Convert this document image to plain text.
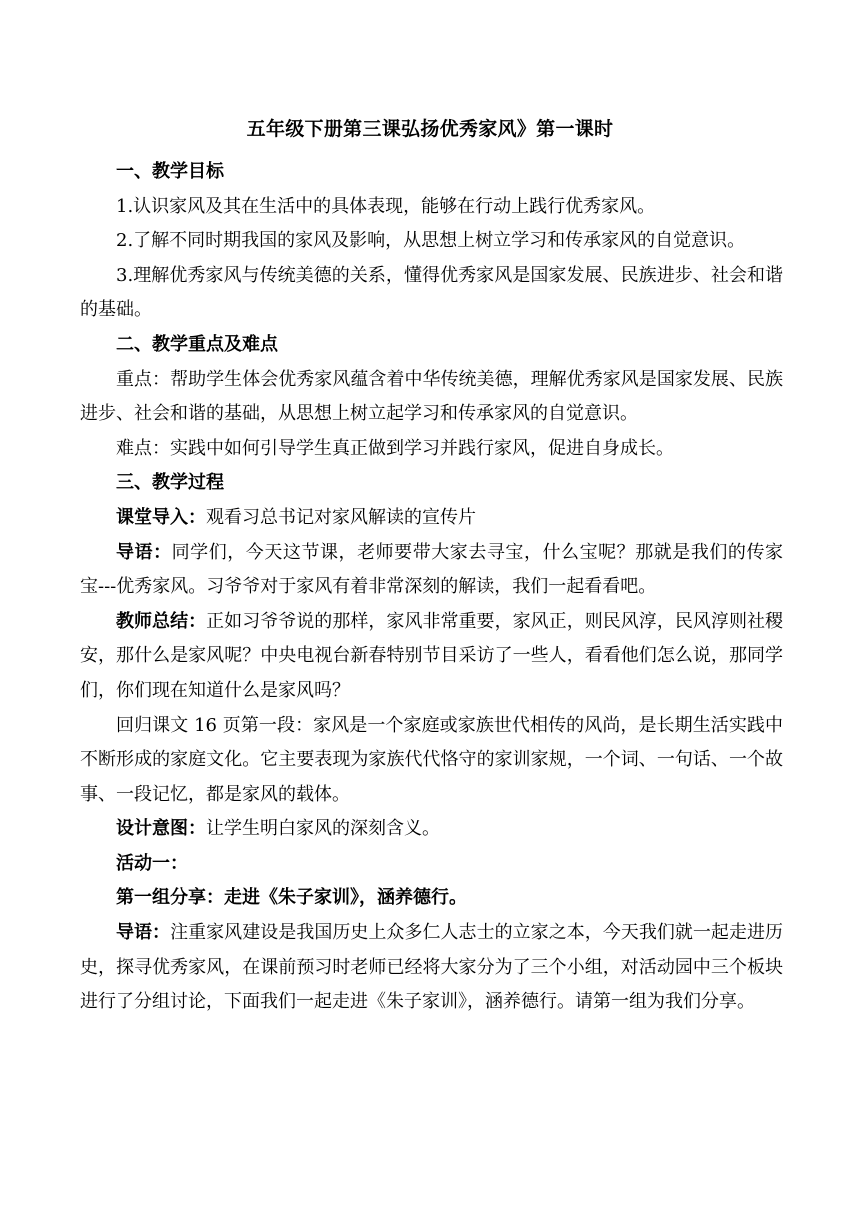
五年级下册第三课弘扬优秀家风》第一课时

一、教学目标

1.认识家风及其在生活中的具体表现，能够在行动上践行优秀家风。

2.了解不同时期我国的家风及影响，从思想上树立学习和传承家风的自觉意识。

3.理解优秀家风与传统美德的关系，懂得优秀家风是国家发展、民族进步、社会和谐的基础。

二、教学重点及难点

重点：帮助学生体会优秀家风蕴含着中华传统美德，理解优秀家风是国家发展、民族进步、社会和谐的基础，从思想上树立起学习和传承家风的自觉意识。

难点：实践中如何引导学生真正做到学习并践行家风，促进自身成长。

三、教学过程

课堂导入：观看习总书记对家风解读的宣传片

导语：同学们，今天这节课，老师要带大家去寻宝，什么宝呢？那就是我们的传家宝---优秀家风。习爷爷对于家风有着非常深刻的解读，我们一起看看吧。

教师总结：正如习爷爷说的那样，家风非常重要，家风正，则民风淳，民风淳则社稷安，那什么是家风呢？中央电视台新春特别节目采访了一些人，看看他们怎么说，那同学们，你们现在知道什么是家风吗？

回归课文 16 页第一段：家风是一个家庭或家族世代相传的风尚，是长期生活实践中不断形成的家庭文化。它主要表现为家族代代恪守的家训家规，一个词、一句话、一个故事、一段记忆，都是家风的载体。

设计意图：让学生明白家风的深刻含义。

活动一：

第一组分享：走进《朱子家训》，涵养德行。

导语：注重家风建设是我国历史上众多仁人志士的立家之本，今天我们就一起走进历史，探寻优秀家风，在课前预习时老师已经将大家分为了三个小组，对活动园中三个板块进行了分组讨论，下面我们一起走进《朱子家训》，涵养德行。请第一组为我们分享。
